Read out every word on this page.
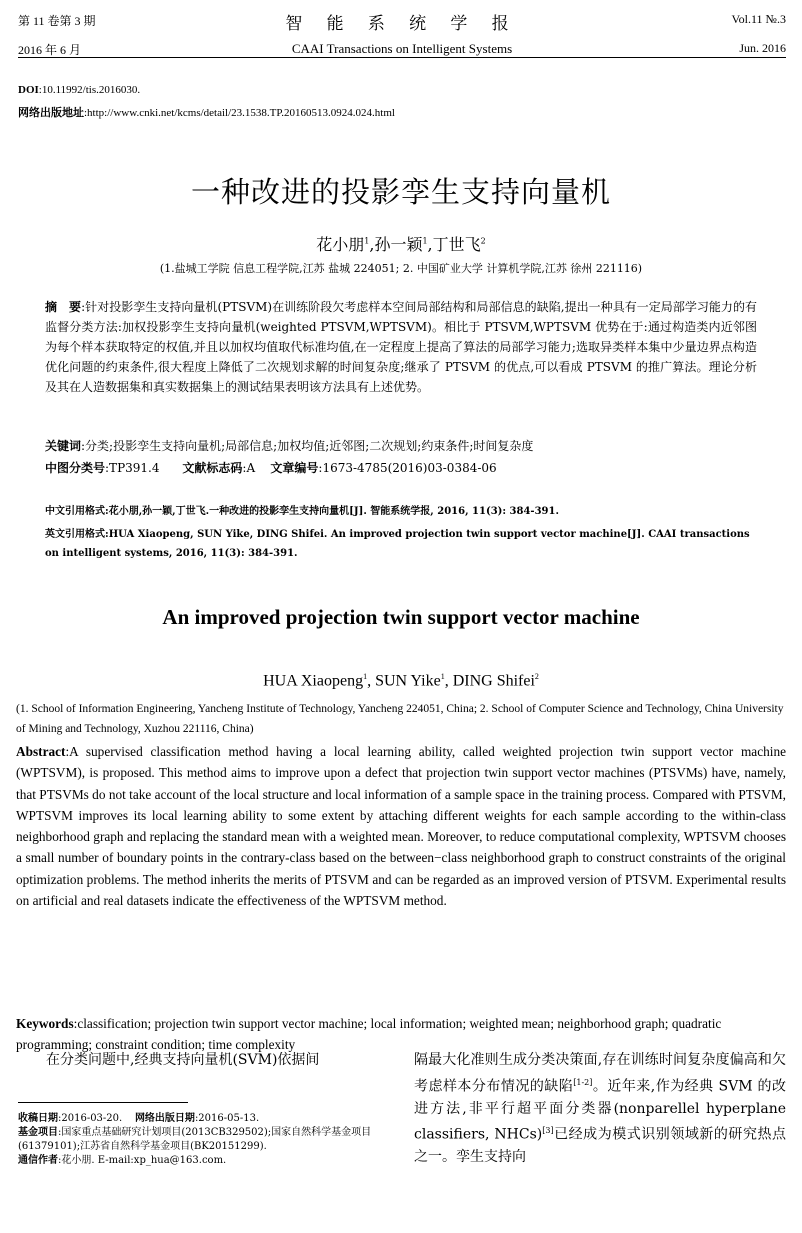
第 11 卷第 3 期
2016 年 6 月
智 能 系 统 学 报
CAAI Transactions on Intelligent Systems
Vol.11 №.3
Jun. 2016
DOI:10.11992/tis.2016030.
网络出版地址:http://www.cnki.net/kcms/detail/23.1538.TP.20160513.0924.024.html
一种改进的投影孪生支持向量机
花小朋$^1$,孙一颖$^1$,丁世飞$^2$
(1.盐城工学院 信息工程学院,江苏 盐城 224051; 2. 中国矿业大学 计算机学院,江苏 徐州 221116)
摘　要:针对投影孪生支持向量机(PTSVM)在训练阶段欠考虑样本空间局部结构和局部信息的缺陷,提出一种具有一定局部学习能力的有监督分类方法:加权投影孪生支持向量机(weighted PTSVM,WPTSVM)。相比于 PTSVM,WPTSVM 优势在于:通过构造类内近邻图为每个样本获取特定的权值,并且以加权均值取代标准均值,在一定程度上提高了算法的局部学习能力;选取异类样本集中少量边界点构造优化问题的约束条件,很大程度上降低了二次规划求解的时间复杂度;继承了 PTSVM 的优点,可以看成 PTSVM 的推广算法。理论分析及其在人造数据集和真实数据集上的测试结果表明该方法具有上述优势。
关键词:分类;投影孪生支持向量机;局部信息;加权均值;近邻图;二次规划;约束条件;时间复杂度
中图分类号:TP391.4 文献标志码:A 文章编号:1673-4785(2016)03-0384-06
中文引用格式:花小朋,孙一颖,丁世飞.一种改进的投影孪生支持向量机[J]. 智能系统学报, 2016, 11(3): 384-391.
英文引用格式:HUA Xiaopeng, SUN Yike, DING Shifei. An improved projection twin support vector machine[J]. CAAI transactions on intelligent systems, 2016, 11(3): 384-391.
An improved projection twin support vector machine
HUA Xiaopeng$^1$, SUN Yike$^1$, DING Shifei$^2$
(1. School of Information Engineering, Yancheng Institute of Technology, Yancheng 224051, China; 2. School of Computer Science and Technology, China University of Mining and Technology, Xuzhou 221116, China)
Abstract:A supervised classification method having a local learning ability, called weighted projection twin support vector machine (WPTSVM), is proposed. This method aims to improve upon a defect that projection twin support vector machines (PTSVMs) have, namely, that PTSVMs do not take account of the local structure and local information of a sample space in the training process. Compared with PTSVM, WPTSVM improves its local learning ability to some extent by attaching different weights for each sample according to the within-class neighborhood graph and replacing the standard mean with a weighted mean. Moreover, to reduce computational complexity, WPTSVM chooses a small number of boundary points in the contrary-class based on the between−class neighborhood graph to construct constraints of the original optimization problems. The method inherits the merits of PTSVM and can be regarded as an improved version of PTSVM. Experimental results on artificial and real datasets indicate the effectiveness of the WPTSVM method.
Keywords:classification; projection twin support vector machine; local information; weighted mean; neighborhood graph; quadratic programming; constraint condition; time complexity
在分类问题中,经典支持向量机(SVM)依据间
收稿日期:2016-03-20. 网络出版日期:2016-05-13.
基金项目:国家重点基础研究计划项目(2013CB329502);国家自然科学基金项目(61379101);江苏省自然科学基金项目(BK20151299).
通信作者:花小朋. E-mail:xp_hua@163.com.
隔最大化准则生成分类决策面,存在训练时间复杂度偏高和欠考虑样本分布情况的缺陷[1-2]。近年来,作为经典 SVM 的改进方法,非平行超平面分类器(nonparellel hyperplane classifiers, NHCs)[3]已经成为模式识别领域新的研究热点之一。孪生支持向
